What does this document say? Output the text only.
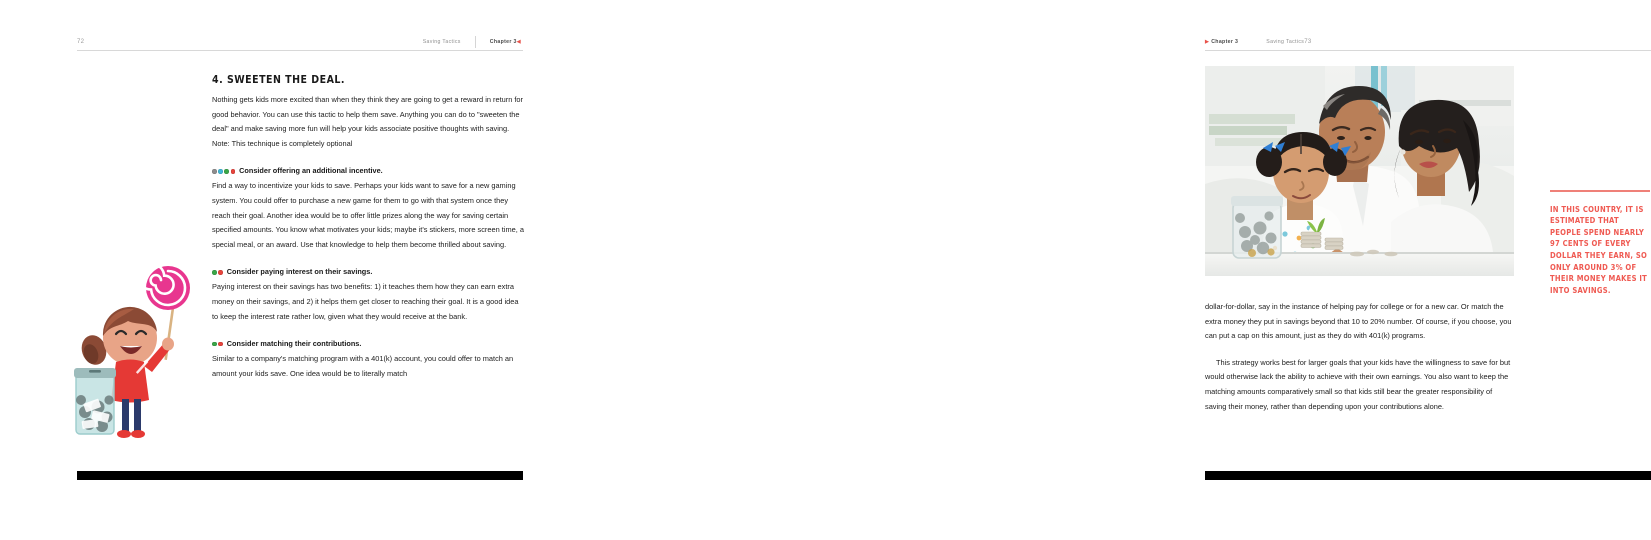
72	Saving Tactics	Chapter 3◀
4. SWEETEN THE DEAL.

Nothing gets kids more excited than when they think they are going to get a reward in return for good behavior. You can use this tactic to help them save. Anything you can do to "sweeten the deal" and make saving more fun will help your kids associate positive thoughts with saving. Note: This technique is completely optional

Consider offering an additional incentive.

Find a way to incentivize your kids to save. Perhaps your kids want to save for a new gaming system. You could offer to purchase a new game for them to go with that system once they reach their goal. Another idea would be to offer little prizes along the way for saving certain specified amounts. You know what motivates your kids; maybe it's stickers, more screen time, a special meal, or an award. Use that knowledge to help them become thrilled about saving.

Consider paying interest on their savings.

Paying interest on their savings has two benefits: 1) it teaches them how they can earn extra money on their savings, and 2) it helps them get closer to reaching their goal. It is a good idea to keep the interest rate rather low, given what they would receive at the bank.

Consider matching their contributions.

Similar to a company's matching program with a 401(k) account, you could offer to match an amount your kids save. One idea would be to literally match

▶ Chapter 3	Saving Tactics 73
IN THIS COUNTRY, IT IS ESTIMATED THAT PEOPLE SPEND NEARLY 97 CENTS OF EVERY DOLLAR THEY EARN, SO ONLY AROUND 3% OF THEIR MONEY MAKES IT INTO SAVINGS.

dollar-for-dollar, say in the instance of helping pay for college or for a new car. Or match the extra money they put in savings beyond that 10 to 20% number. Of course, if you choose, you can put a cap on this amount, just as they do with 401(k) programs.

This strategy works best for larger goals that your kids have the willingness to save for but would otherwise lack the ability to achieve with their own earnings. You also want to keep the matching amounts comparatively small so that kids still bear the greater responsibility of saving their money, rather than depending upon your contributions alone.
